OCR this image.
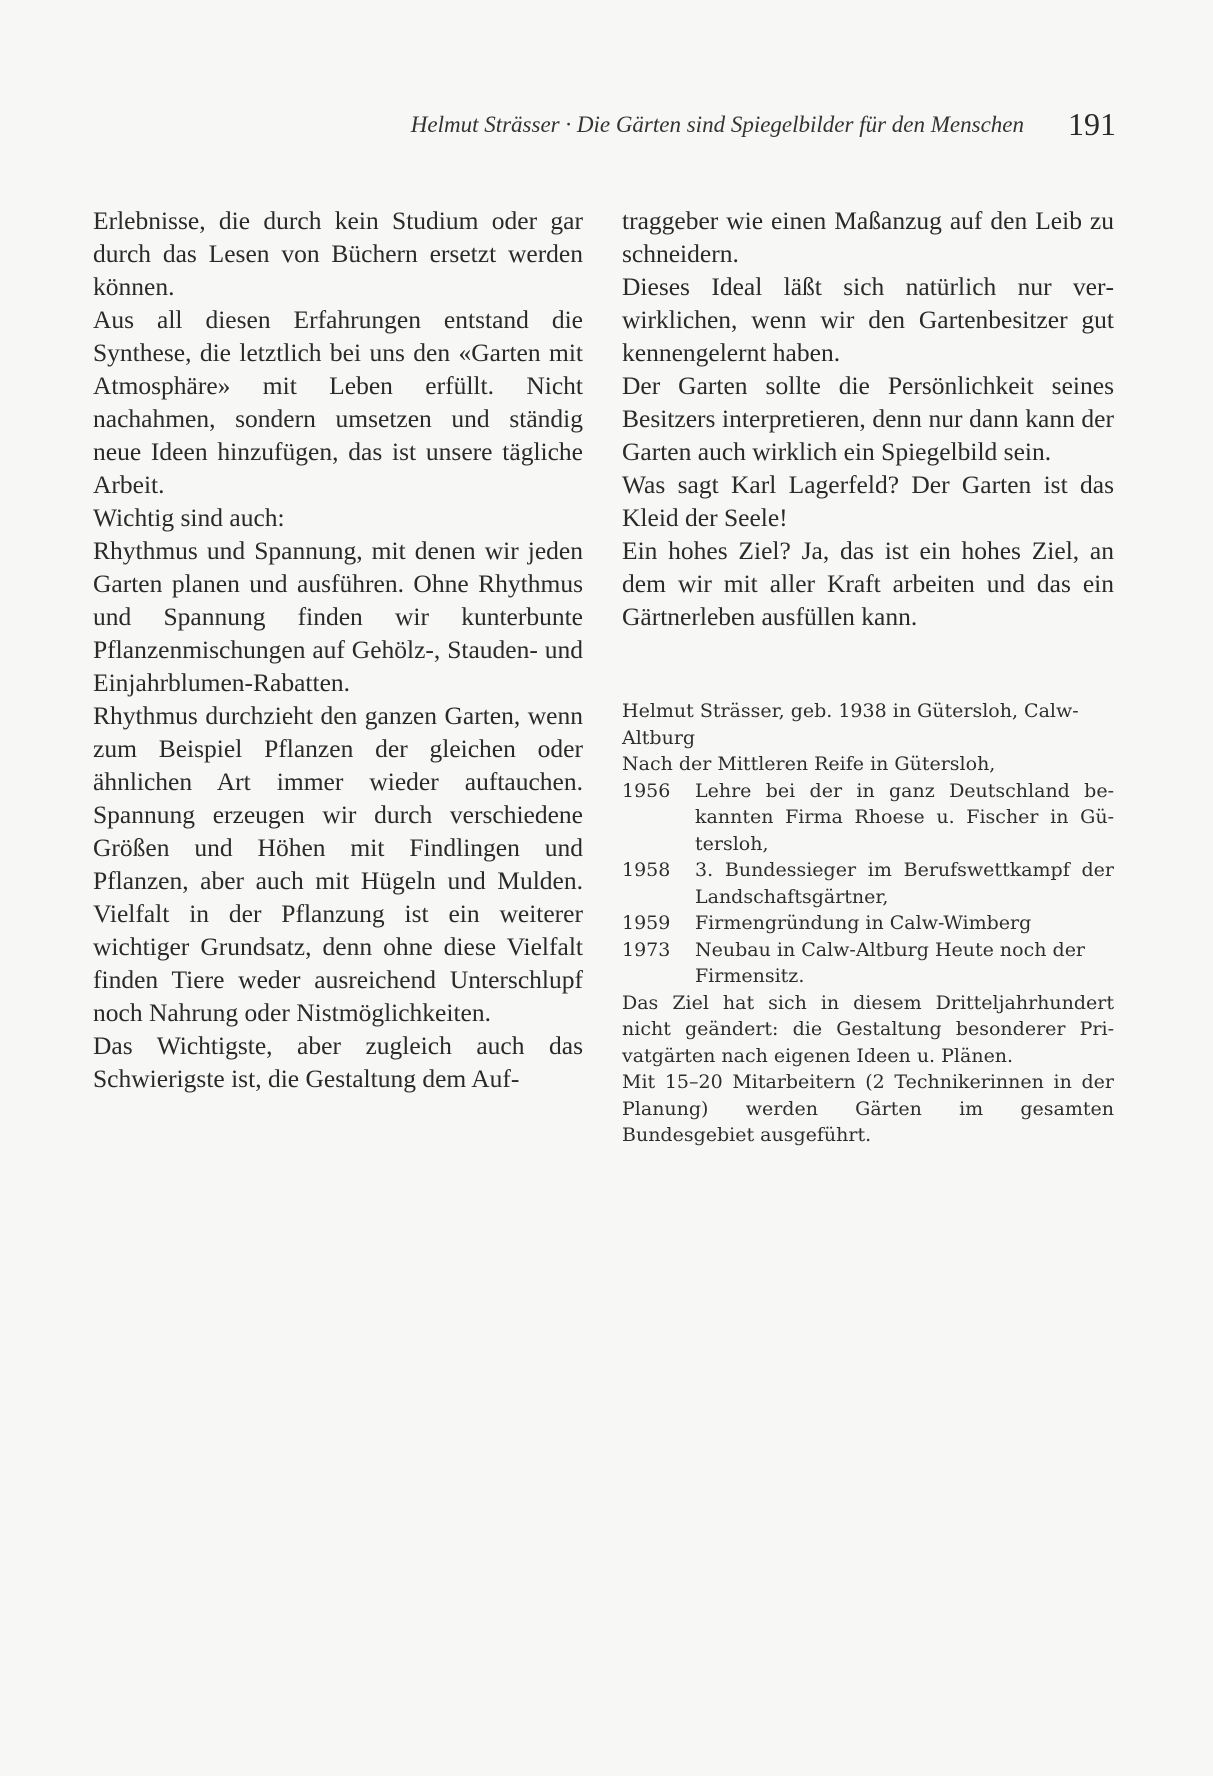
Helmut Strässer · Die Gärten sind Spiegelbilder für den Menschen 191

Erlebnisse, die durch kein Studium oder gar durch das Lesen von Büchern ersetzt werden können.

Aus all diesen Erfahrungen entstand die Synthese, die letztlich bei uns den «Garten mit Atmosphäre» mit Leben erfüllt. Nicht nachahmen, sondern umsetzen und ständig neue Ideen hinzufügen, das ist unsere tägliche Arbeit.

Wichtig sind auch:

Rhythmus und Spannung, mit denen wir jeden Garten planen und ausführen. Ohne Rhythmus und Spannung finden wir kunterbunte Pflanzenmischungen auf Gehölz-, Stauden- und Einjahrblumen-Rabatten.

Rhythmus durchzieht den ganzen Garten, wenn zum Beispiel Pflanzen der gleichen oder ähnlichen Art immer wieder auftauchen. Spannung erzeugen wir durch verschiedene Größen und Höhen mit Findlingen und Pflanzen, aber auch mit Hügeln und Mulden. Vielfalt in der Pflanzung ist ein weiterer wichtiger Grundsatz, denn ohne diese Vielfalt finden Tiere weder ausreichend Unterschlupf noch Nahrung oder Nistmöglichkeiten.

Das Wichtigste, aber zugleich auch das Schwierigste ist, die Gestaltung dem Auf-

traggeber wie einen Maßanzug auf den Leib zu schneidern.

Dieses Ideal läßt sich natürlich nur verwirklichen, wenn wir den Gartenbesitzer gut kennengelernt haben.

Der Garten sollte die Persönlichkeit seines Besitzers interpretieren, denn nur dann kann der Garten auch wirklich ein Spiegelbild sein.

Was sagt Karl Lagerfeld? Der Garten ist das Kleid der Seele!

Ein hohes Ziel? Ja, das ist ein hohes Ziel, an dem wir mit aller Kraft arbeiten und das ein Gärtnerleben ausfüllen kann.

Helmut Strässer, geb. 1938 in Gütersloh, Calw-Altburg

Nach der Mittleren Reife in Gütersloh,

1956	Lehre bei der in ganz Deutschland bekannten Firma Rhoese u. Fischer in Gütersloh,
1958	3. Bundessieger im Berufswettkampf der Landschaftsgärtner,
1959	Firmengründung in Calw-Wimberg
1973	Neubau in Calw-Altburg Heute noch der Firmensitz.

Das Ziel hat sich in diesem Dritteljahrhundert nicht geändert: die Gestaltung besonderer Privatgärten nach eigenen Ideen u. Plänen.

Mit 15–20 Mitarbeitern (2 Technikerinnen in der Planung) werden Gärten im gesamten Bundesgebiet ausgeführt.
